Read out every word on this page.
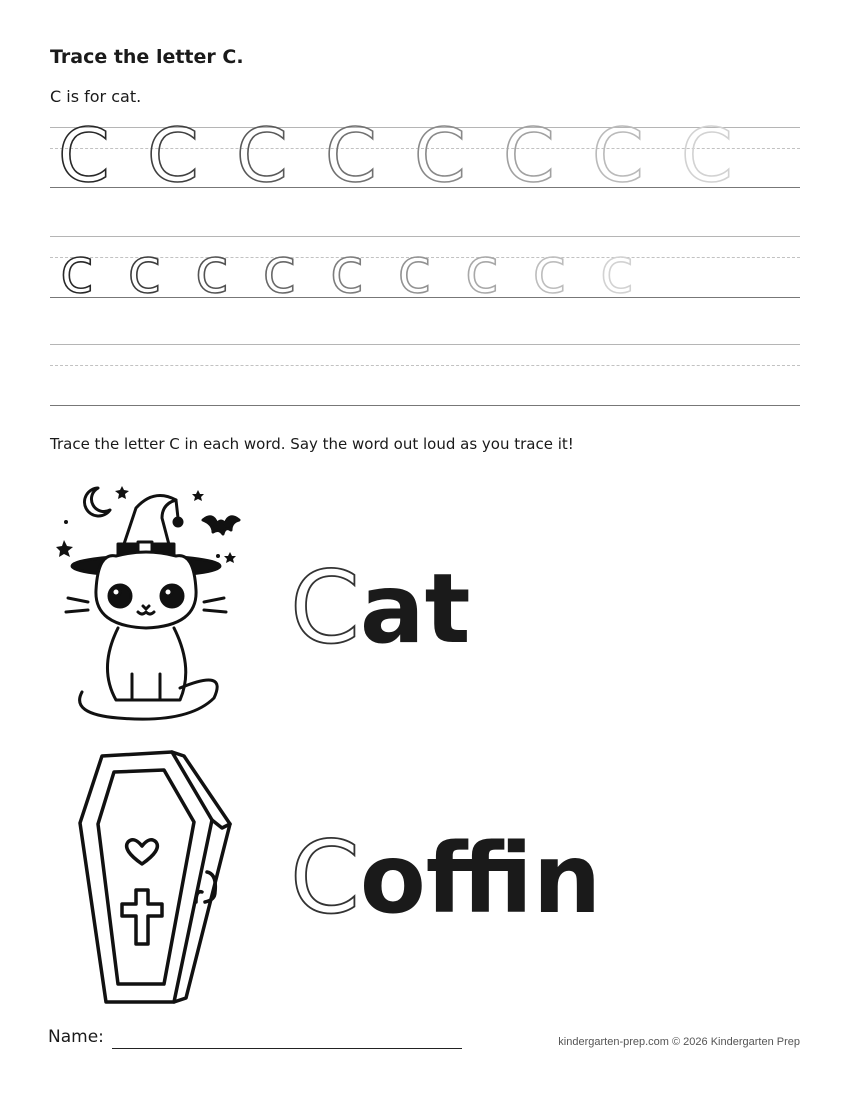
Trace the letter C.
C is for cat.
C C C C C C C C
c c c c c c c c c
Trace the letter C in each word. Say the word out loud as you trace it!
C at
C offin
Name:	kindergarten-prep.com © 2026 Kindergarten Prep
